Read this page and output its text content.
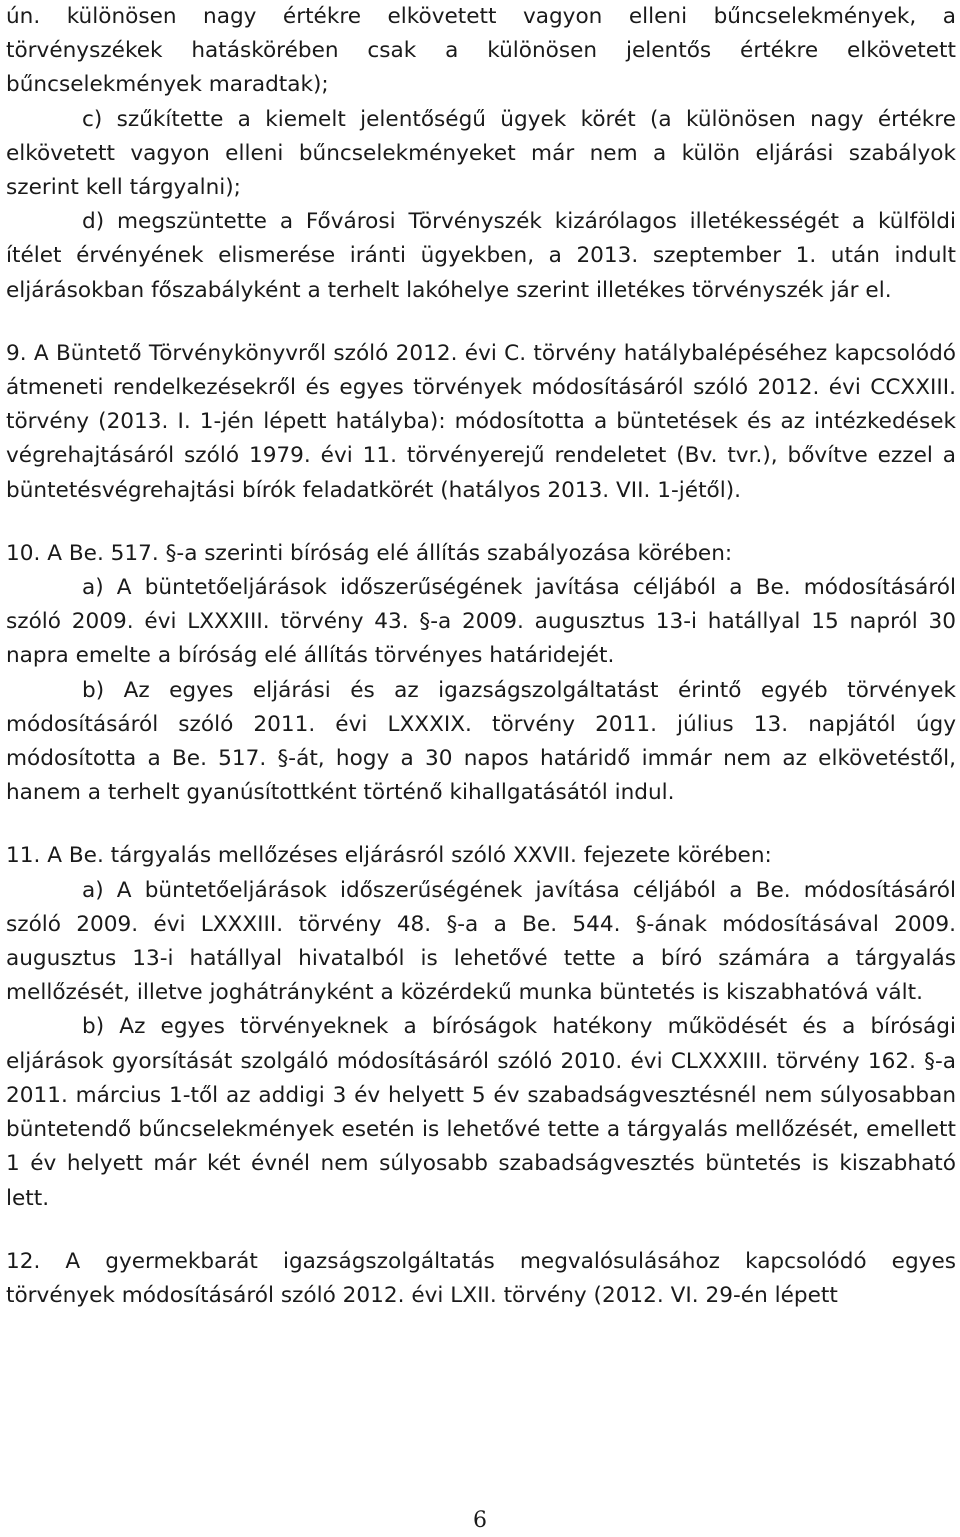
ún. különösen nagy értékre elkövetett vagyon elleni bűncselekmények, a törvényszékek hatáskörében csak a különösen jelentős értékre elkövetett bűncselekmények maradtak);

c) szűkítette a kiemelt jelentőségű ügyek körét (a különösen nagy értékre elkövetett vagyon elleni bűncselekményeket már nem a külön eljárási szabályok szerint kell tárgyalni);

d) megszüntette a Fővárosi Törvényszék kizárólagos illetékességét a külföldi ítélet érvényének elismerése iránti ügyekben, a 2013. szeptember 1. után indult eljárásokban főszabályként a terhelt lakóhelye szerint illetékes törvényszék jár el.

9. A Büntető Törvénykönyvről szóló 2012. évi C. törvény hatálybalépéséhez kapcsolódó átmeneti rendelkezésekről és egyes törvények módosításáról szóló 2012. évi CCXXIII. törvény (2013. I. 1-jén lépett hatályba): módosította a büntetések és az intézkedések végrehajtásáról szóló 1979. évi 11. törvényerejű rendeletet (Bv. tvr.), bővítve ezzel a büntetésvégrehajtási bírók feladatkörét (hatályos 2013. VII. 1-jétől).

10. A Be. 517. §-a szerinti bíróság elé állítás szabályozása körében:

a) A büntetőeljárások időszerűségének javítása céljából a Be. módosításáról szóló 2009. évi LXXXIII. törvény 43. §-a 2009. augusztus 13-i hatállyal 15 napról 30 napra emelte a bíróság elé állítás törvényes határidejét.

b) Az egyes eljárási és az igazságszolgáltatást érintő egyéb törvények módosításáról szóló 2011. évi LXXXIX. törvény 2011. július 13. napjától úgy módosította a Be. 517. §-át, hogy a 30 napos határidő immár nem az elkövetéstől, hanem a terhelt gyanúsítottként történő kihallgatásától indul.

11. A Be. tárgyalás mellőzéses eljárásról szóló XXVII. fejezete körében:

a) A büntetőeljárások időszerűségének javítása céljából a Be. módosításáról szóló 2009. évi LXXXIII. törvény 48. §-a a Be. 544. §-ának módosításával 2009. augusztus 13-i hatállyal hivatalból is lehetővé tette a bíró számára a tárgyalás mellőzését, illetve joghátrányként a közérdekű munka büntetés is kiszabhatóvá vált.

b) Az egyes törvényeknek a bíróságok hatékony működését és a bírósági eljárások gyorsítását szolgáló módosításáról szóló 2010. évi CLXXXIII. törvény 162. §-a 2011. március 1-től az addigi 3 év helyett 5 év szabadságvesztésnél nem súlyosabban büntetendő bűncselekmények esetén is lehetővé tette a tárgyalás mellőzését, emellett 1 év helyett már két évnél nem súlyosabb szabadságvesztés büntetés is kiszabható lett.

12. A gyermekbarát igazságszolgáltatás megvalósulásához kapcsolódó egyes törvények módosításáról szóló 2012. évi LXII. törvény (2012. VI. 29-én lépett

6
